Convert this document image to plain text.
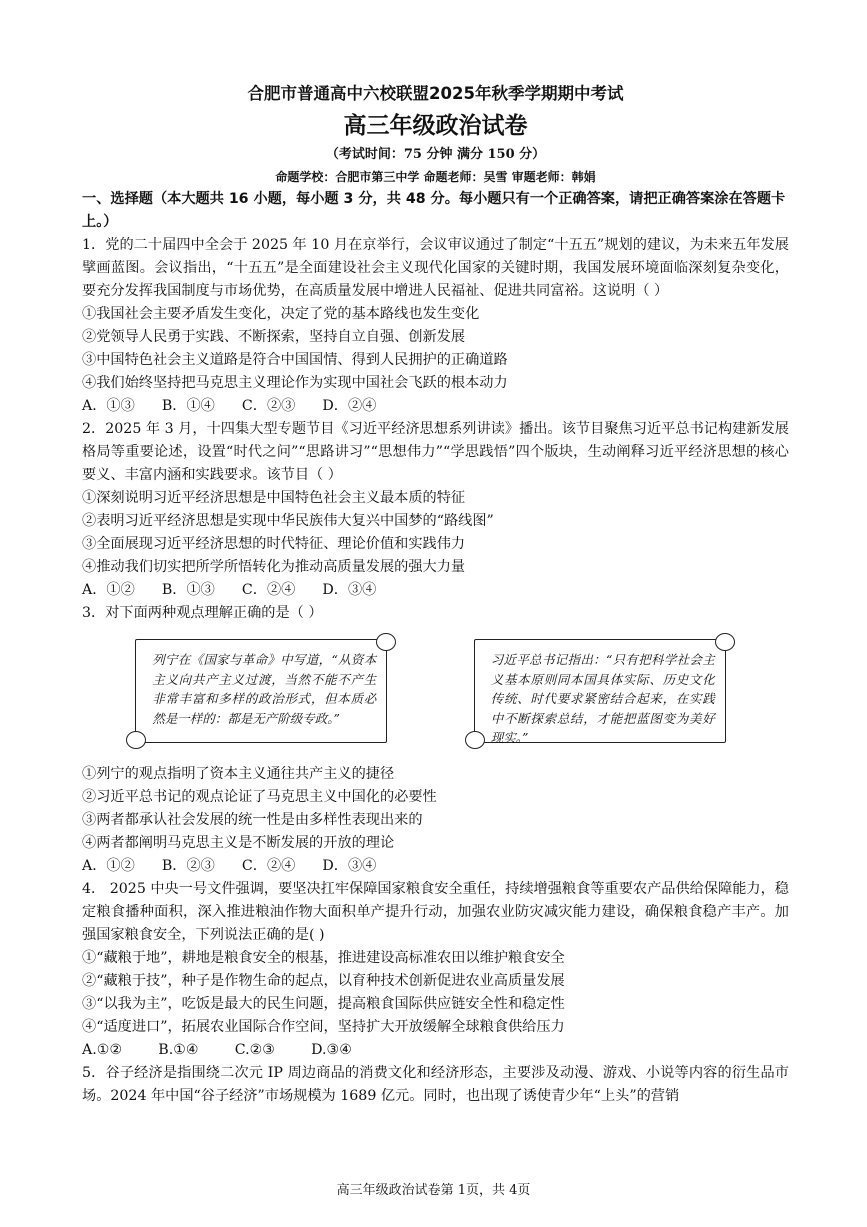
合肥市普通高中六校联盟2025年秋季学期期中考试

高三年级政治试卷

（考试时间：75 分钟 满分 150 分）

命题学校：合肥市第三中学 命题老师：吴雪 审题老师：韩娟

一、选择题（本大题共 16 小题，每小题 3 分，共 48 分。每小题只有一个正确答案，请把正确答案涂在答题卡上。）

1．党的二十届四中全会于 2025 年 10 月在京举行，会议审议通过了制定“十五五”规划的建议，为未来五年发展擘画蓝图。会议指出，“十五五”是全面建设社会主义现代化国家的关键时期，我国发展环境面临深刻复杂变化，要充分发挥我国制度与市场优势，在高质量发展中增进人民福祉、促进共同富裕。这说明（ ）

①我国社会主要矛盾发生变化，决定了党的基本路线也发生变化

②党领导人民勇于实践、不断探索，坚持自立自强、创新发展

③中国特色社会主义道路是符合中国国情、得到人民拥护的正确道路

④我们始终坚持把马克思主义理论作为实现中国社会飞跃的根本动力

A．①③      B．①④      C．②③      D．②④

2．2025 年 3 月，十四集大型专题节目《习近平经济思想系列讲读》播出。该节目聚焦习近平总书记构建新发展格局等重要论述，设置“时代之问”“思路讲习”“思想伟力”“学思践悟”四个版块，生动阐释习近平经济思想的核心要义、丰富内涵和实践要求。该节目（ ）

①深刻说明习近平经济思想是中国特色社会主义最本质的特征

②表明习近平经济思想是实现中华民族伟大复兴中国梦的“路线图”

③全面展现习近平经济思想的时代特征、理论价值和实践伟力

④推动我们切实把所学所悟转化为推动高质量发展的强大力量

A．①②      B．①③      C．②④      D．③④

3．对下面两种观点理解正确的是（ ）

列宁在《国家与革命》中写道，“从资本主义向共产主义过渡，当然不能不产生非常丰富和多样的政治形式，但本质必然是一样的：都是无产阶级专政。”

习近平总书记指出：“只有把科学社会主义基本原则同本国具体实际、历史文化传统、时代要求紧密结合起来，在实践中不断探索总结，才能把蓝图变为美好现实。”

①列宁的观点指明了资本主义通往共产主义的捷径

②习近平总书记的观点论证了马克思主义中国化的必要性

③两者都承认社会发展的统一性是由多样性表现出来的

④两者都阐明马克思主义是不断发展的开放的理论

A．①②      B．②③      C．②④      D．③④

4． 2025 中央一号文件强调，要坚决扛牢保障国家粮食安全重任，持续增强粮食等重要农产品供给保障能力，稳定粮食播种面积，深入推进粮油作物大面积单产提升行动，加强农业防灾减灾能力建设，确保粮食稳产丰产。加强国家粮食安全，下列说法正确的是( )

①“藏粮于地”，耕地是粮食安全的根基，推进建设高标准农田以维护粮食安全

②“藏粮于技”，种子是作物生命的起点，以育种技术创新促进农业高质量发展

③“以我为主”，吃饭是最大的民生问题，提高粮食国际供应链安全性和稳定性

④“适度进口”，拓展农业国际合作空间，坚持扩大开放缓解全球粮食供给压力

A.①②        B.①④        C.②③        D.③④

5．谷子经济是指围绕二次元 IP 周边商品的消费文化和经济形态，主要涉及动漫、游戏、小说等内容的衍生品市场。2024 年中国“谷子经济”市场规模为 1689 亿元。同时，也出现了诱使青少年“上头”的营销

高三年级政治试卷第 1页，共 4页
